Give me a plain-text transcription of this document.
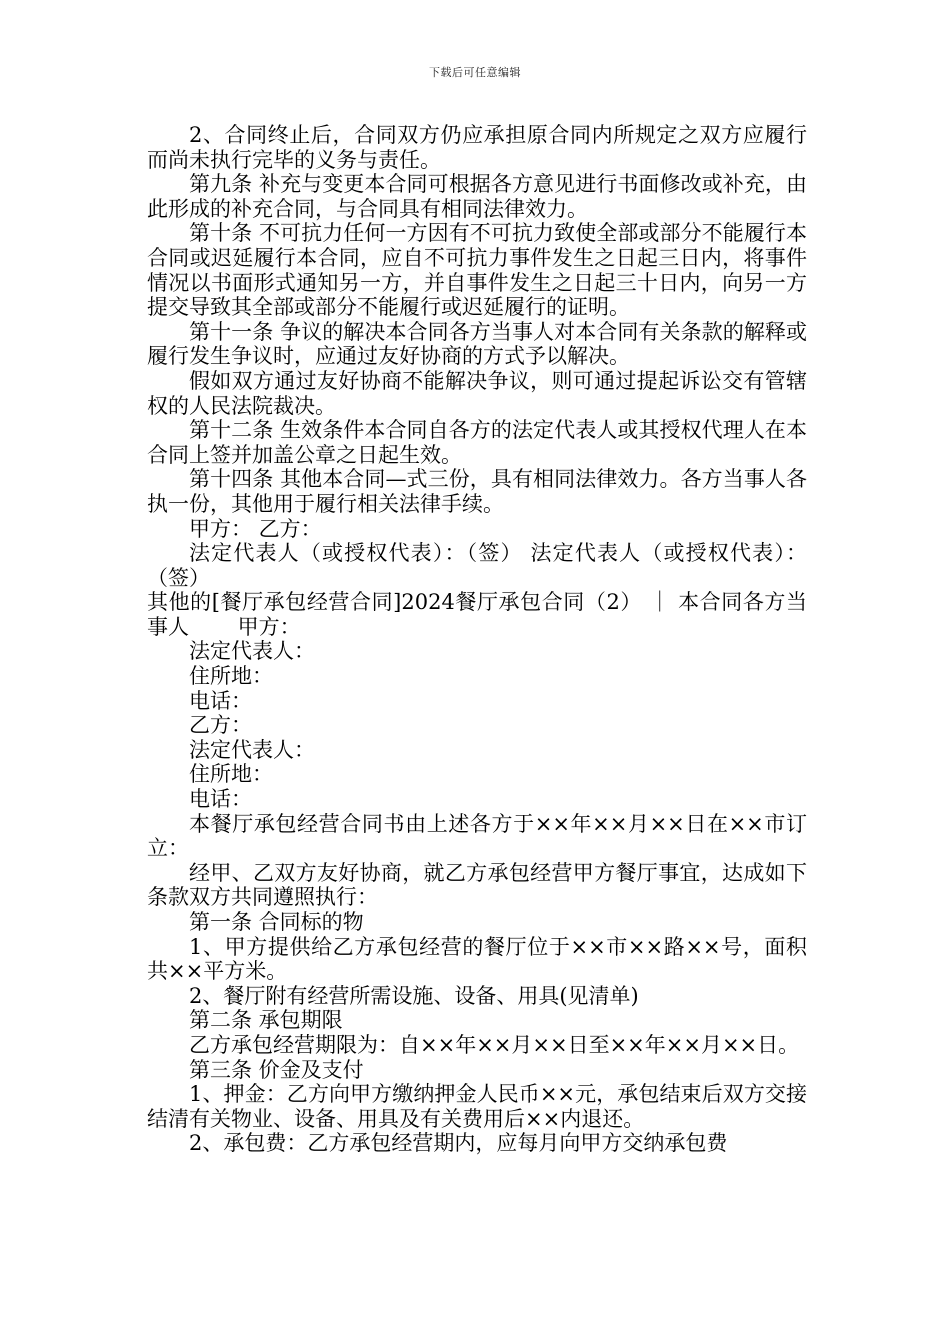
下载后可任意编辑

2、合同终止后，合同双方仍应承担原合同内所规定之双方应履行而尚未执行完毕的义务与责任。

第九条 补充与变更本合同可根据各方意见进行书面修改或补充，由此形成的补充合同，与合同具有相同法律效力。

第十条 不可抗力任何一方因有不可抗力致使全部或部分不能履行本合同或迟延履行本合同，应自不可抗力事件发生之日起三日内，将事件情况以书面形式通知另一方，并自事件发生之日起三十日内，向另一方提交导致其全部或部分不能履行或迟延履行的证明。

第十一条 争议的解决本合同各方当事人对本合同有关条款的解释或履行发生争议时，应通过友好协商的方式予以解决。

假如双方通过友好协商不能解决争议，则可通过提起诉讼交有管辖权的人民法院裁决。

第十二条 生效条件本合同自各方的法定代表人或其授权代理人在本合同上签并加盖公章之日起生效。

第十四条 其他本合同—式三份，具有相同法律效力。各方当事人各执一份，其他用于履行相关法律手续。

甲方： 乙方：

法定代表人（或授权代表）：（签） 法定代表人（或授权代表）：（签）

其他的[餐厅承包经营合同]2024餐厅承包合同（2） ｜ 本合同各方当事人　　 甲方：

法定代表人：

住所地：

电话：

乙方：

法定代表人：

住所地：

电话：

本餐厅承包经营合同书由上述各方于××年××月××日在××市订立：

经甲、乙双方友好协商，就乙方承包经营甲方餐厅事宜，达成如下条款双方共同遵照执行：

第一条 合同标的物

1、甲方提供给乙方承包经营的餐厅位于××市××路××号，面积共××平方米。

2、餐厅附有经营所需设施、设备、用具(见清单)

第二条 承包期限

乙方承包经营期限为：自××年××月××日至××年××月××日。

第三条 价金及支付

1、押金：乙方向甲方缴纳押金人民币××元，承包结束后双方交接结清有关物业、设备、用具及有关费用后××内退还。

2、承包费：乙方承包经营期内，应每月向甲方交纳承包费
